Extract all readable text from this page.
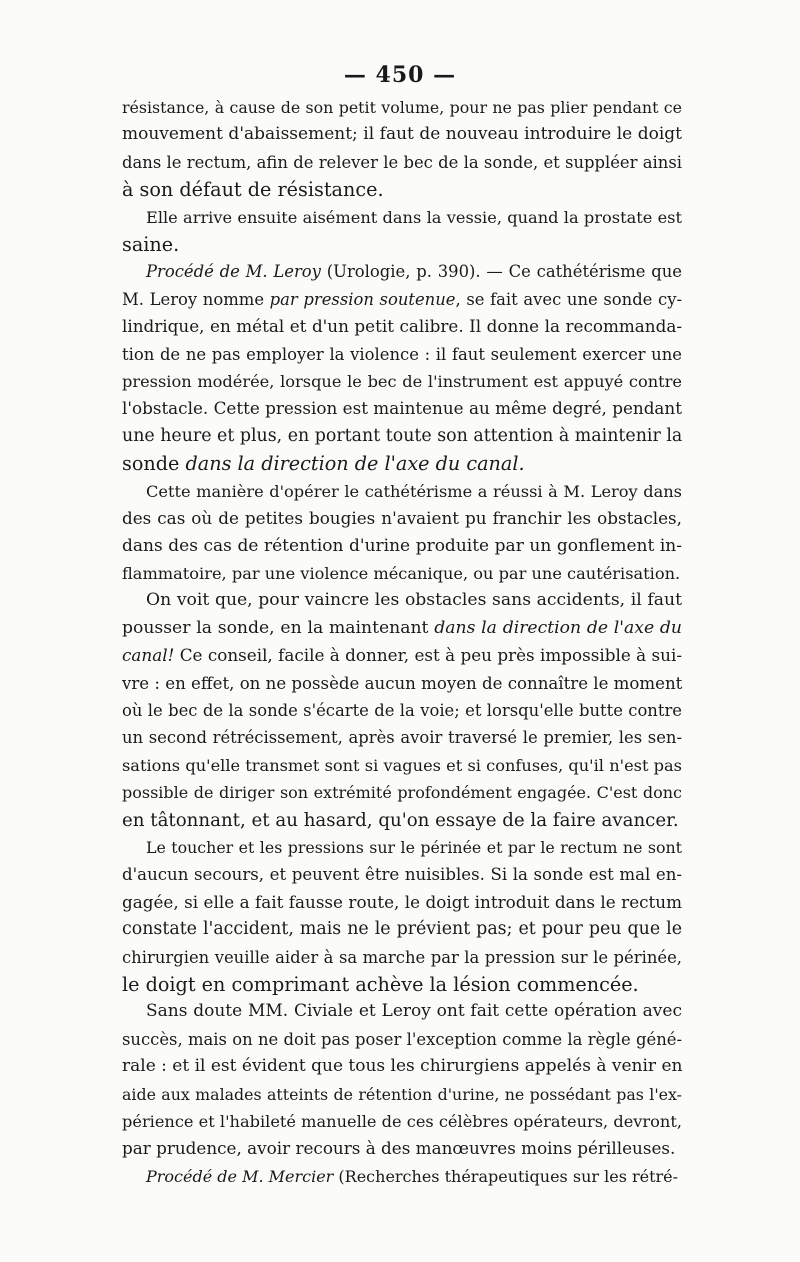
— 450 —

résistance, à cause de son petit volume, pour ne pas plier pendant ce
mouvement d'abaissement; il faut de nouveau introduire le doigt
dans le rectum, afin de relever le bec de la sonde, et suppléer ainsi
à son défaut de résistance.

Elle arrive ensuite aisément dans la vessie, quand la prostate est
saine.

Procédé de M. Leroy (Urologie, p. 390). — Ce cathétérisme que
M. Leroy nomme par pression soutenue, se fait avec une sonde cy-
lindrique, en métal et d'un petit calibre. Il donne la recommanda-
tion de ne pas employer la violence : il faut seulement exercer une
pression modérée, lorsque le bec de l'instrument est appuyé contre
l'obstacle. Cette pression est maintenue au même degré, pendant
une heure et plus, en portant toute son attention à maintenir la
sonde dans la direction de l'axe du canal.

Cette manière d'opérer le cathétérisme a réussi à M. Leroy dans
des cas où de petites bougies n'avaient pu franchir les obstacles,
dans des cas de rétention d'urine produite par un gonflement in-
flammatoire, par une violence mécanique, ou par une cautérisation.

On voit que, pour vaincre les obstacles sans accidents, il faut
pousser la sonde, en la maintenant dans la direction de l'axe du
canal! Ce conseil, facile à donner, est à peu près impossible à sui-
vre : en effet, on ne possède aucun moyen de connaître le moment
où le bec de la sonde s'écarte de la voie; et lorsqu'elle butte contre
un second rétrécissement, après avoir traversé le premier, les sen-
sations qu'elle transmet sont si vagues et si confuses, qu'il n'est pas
possible de diriger son extrémité profondément engagée. C'est donc
en tâtonnant, et au hasard, qu'on essaye de la faire avancer.

Le toucher et les pressions sur le périnée et par le rectum ne sont
d'aucun secours, et peuvent être nuisibles. Si la sonde est mal en-
gagée, si elle a fait fausse route, le doigt introduit dans le rectum
constate l'accident, mais ne le prévient pas; et pour peu que le
chirurgien veuille aider à sa marche par la pression sur le périnée,
le doigt en comprimant achève la lésion commencée.

Sans doute MM. Civiale et Leroy ont fait cette opération avec
succès, mais on ne doit pas poser l'exception comme la règle géné-
rale : et il est évident que tous les chirurgiens appelés à venir en
aide aux malades atteints de rétention d'urine, ne possédant pas l'ex-
périence et l'habileté manuelle de ces célèbres opérateurs, devront,
par prudence, avoir recours à des manœuvres moins périlleuses.

Procédé de M. Mercier (Recherches thérapeutiques sur les rétré-
